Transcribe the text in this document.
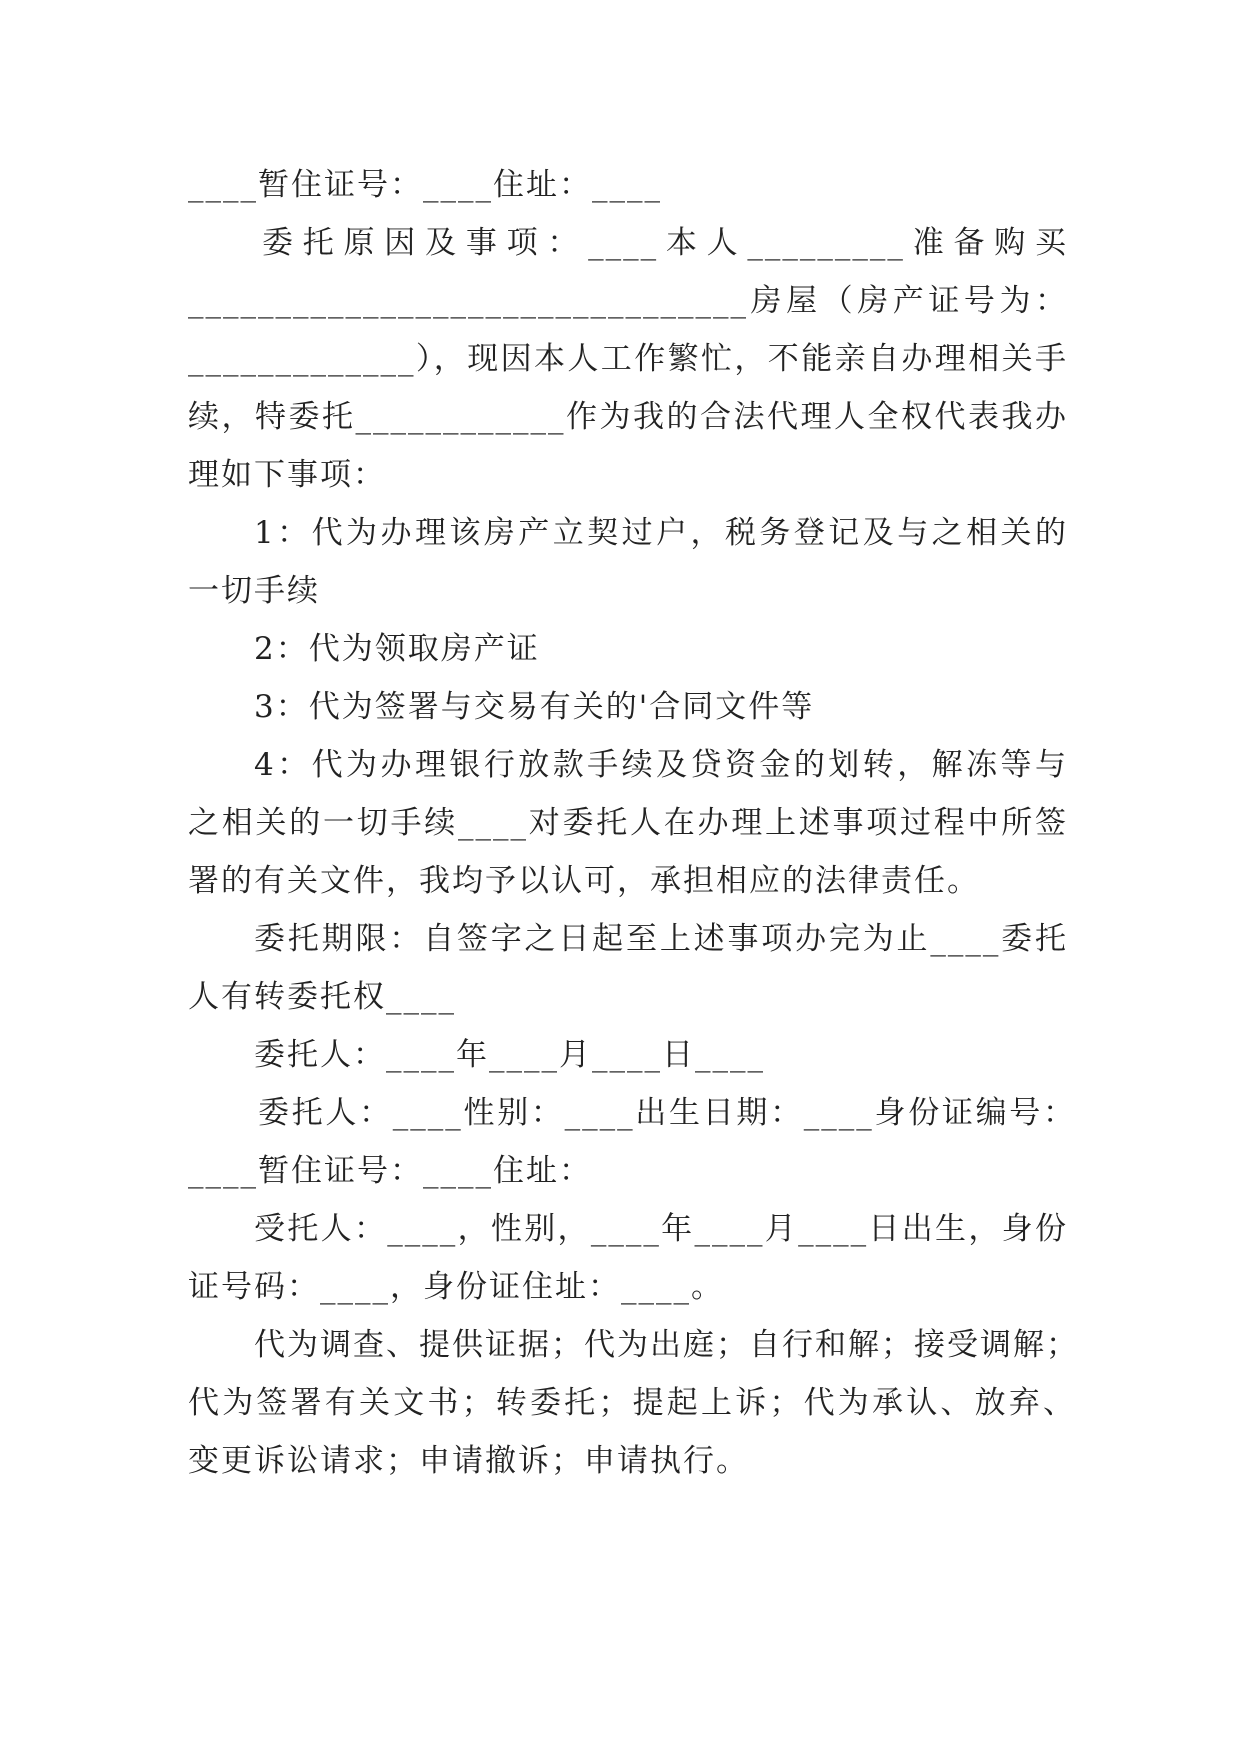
____暂住证号：____住址：____
委托原因及事项：____本人_________准备购买
________________________________房屋（房产证号为：
_____________），现因本人工作繁忙，不能亲自办理相关手
续，特委托____________作为我的合法代理人全权代表我办
理如下事项：
1：代为办理该房产立契过户，税务登记及与之相关的
一切手续
2：代为领取房产证
3：代为签署与交易有关的'合同文件等
4：代为办理银行放款手续及贷资金的划转，解冻等与
之相关的一切手续____对委托人在办理上述事项过程中所签
署的有关文件，我均予以认可，承担相应的法律责任。
委托期限：自签字之日起至上述事项办完为止____委托
人有转委托权____
委托人：____年____月____日____
委托人：____性别：____出生日期：____身份证编号：
____暂住证号：____住址：
受托人：____，性别，____年____月____日出生，身份
证号码：____，身份证住址：____。
代为调查、提供证据；代为出庭；自行和解；接受调解；
代为签署有关文书；转委托；提起上诉；代为承认、放弃、
变更诉讼请求；申请撤诉；申请执行。
